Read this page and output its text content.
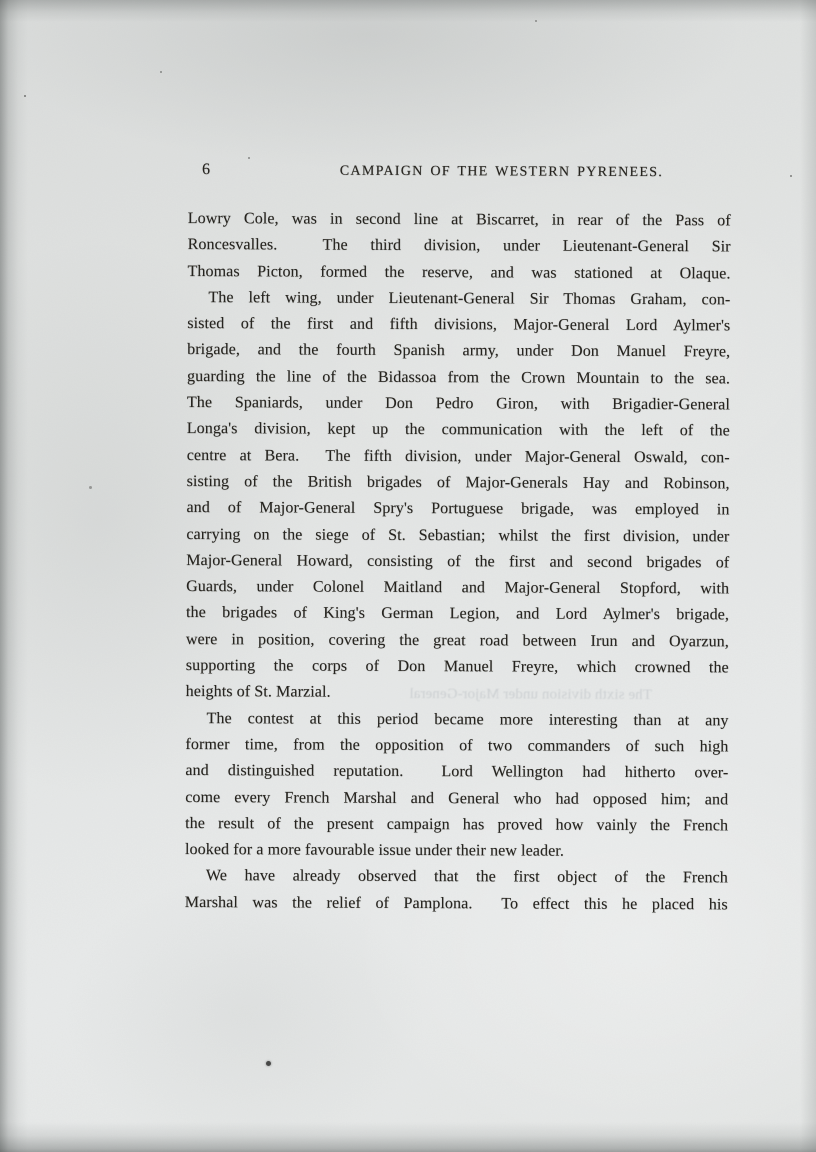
6	CAMPAIGN OF THE WESTERN PYRENEES.
The sixth division under Major-General
Lowry Cole, was in second line at Biscarret, in rear of the Pass of
Roncesvalles.  The third division, under Lieutenant-General Sir
Thomas Picton, formed the reserve, and was stationed at Olaque.
The left wing, under Lieutenant-General Sir Thomas Graham, con-
sisted of the first and fifth divisions, Major-General Lord Aylmer's
brigade, and the fourth Spanish army, under Don Manuel Freyre,
guarding the line of the Bidassoa from the Crown Mountain to the sea.
The Spaniards, under Don Pedro Giron, with Brigadier-General
Longa's division, kept up the communication with the left of the
centre at Bera.  The fifth division, under Major-General Oswald, con-
sisting of the British brigades of Major-Generals Hay and Robinson,
and of Major-General Spry's Portuguese brigade, was employed in
carrying on the siege of St. Sebastian; whilst the first division, under
Major-General Howard, consisting of the first and second brigades of
Guards, under Colonel Maitland and Major-General Stopford, with
the brigades of King's German Legion, and Lord Aylmer's brigade,
were in position, covering the great road between Irun and Oyarzun,
supporting the corps of Don Manuel Freyre, which crowned the
heights of St. Marzial.
The contest at this period became more interesting than at any
former time, from the opposition of two commanders of such high
and distinguished reputation.  Lord Wellington had hitherto over-
come every French Marshal and General who had opposed him; and
the result of the present campaign has proved how vainly the French
looked for a more favourable issue under their new leader.
We have already observed that the first object of the French
Marshal was the relief of Pamplona.  To effect this he placed his
